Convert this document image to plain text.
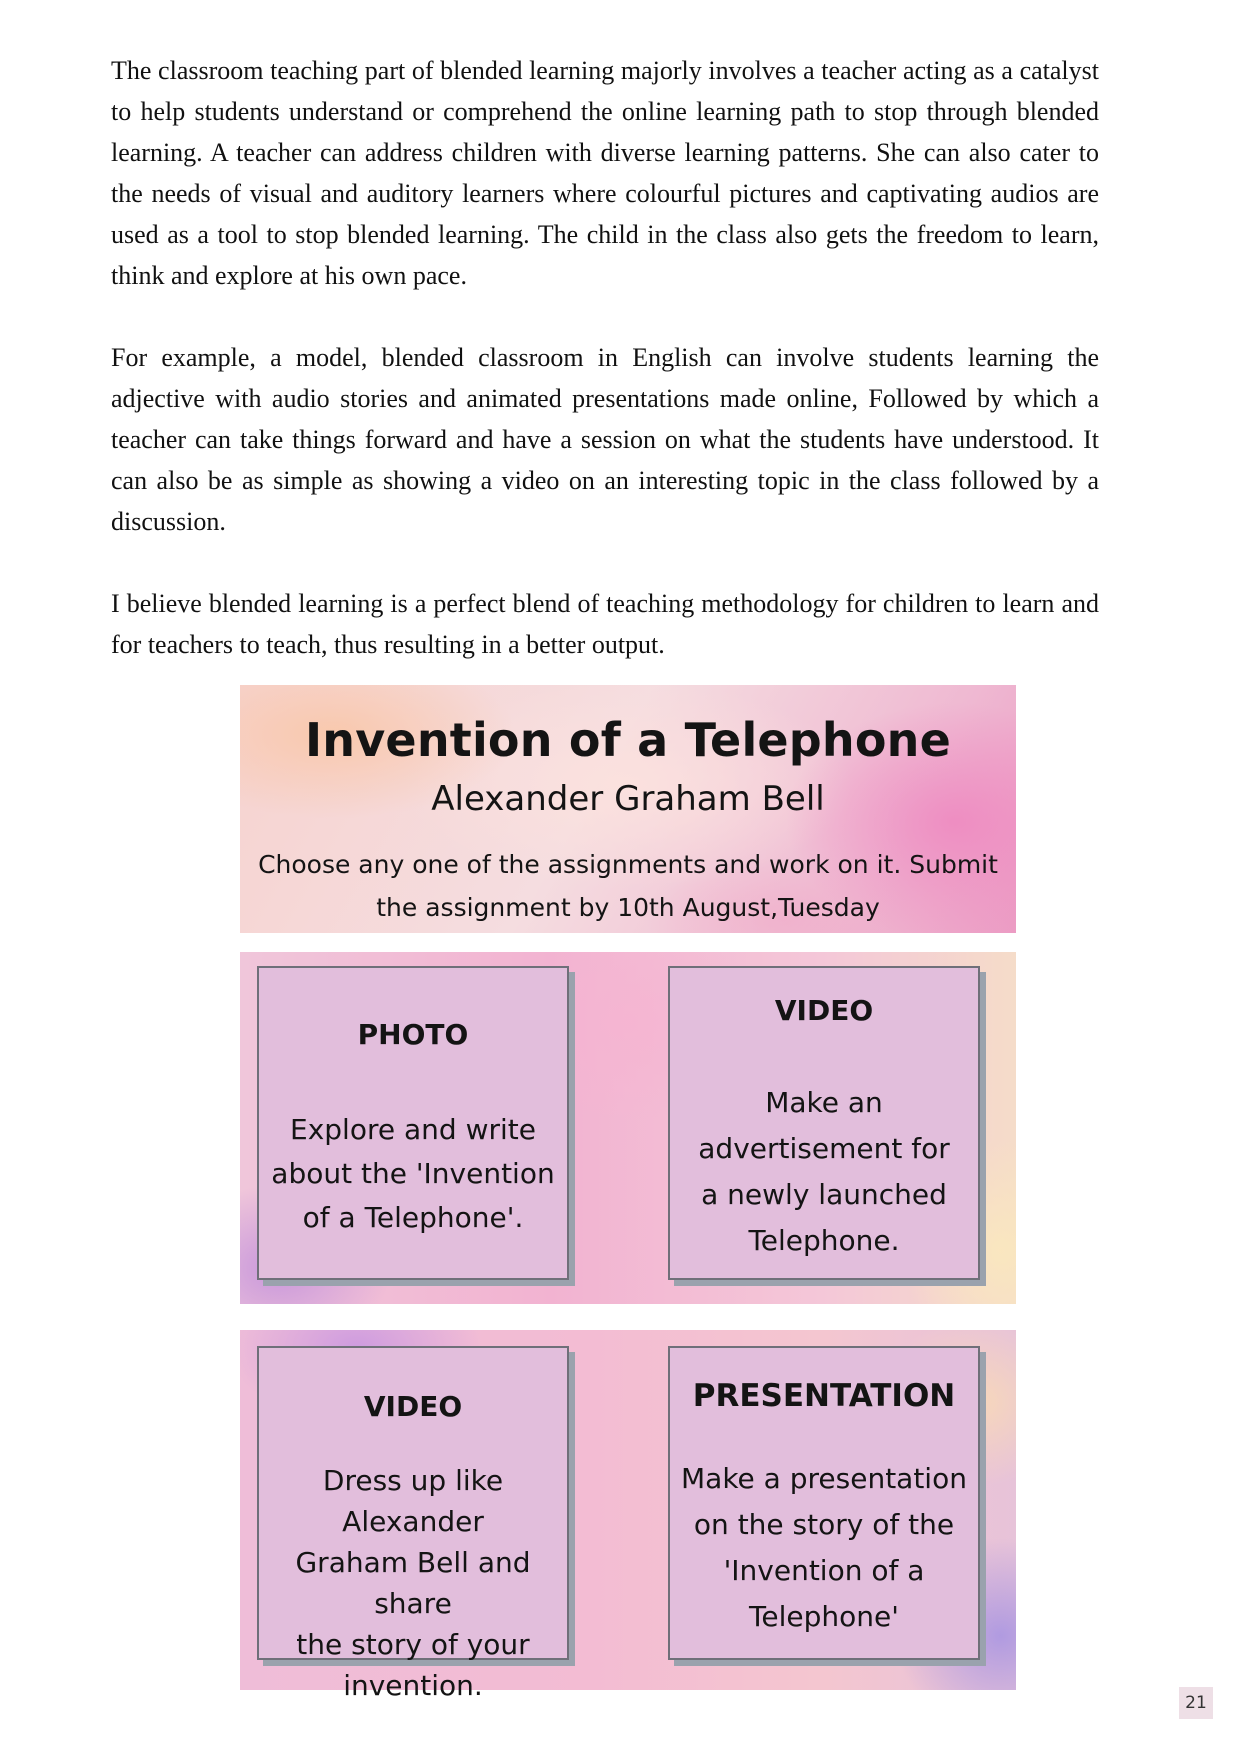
The classroom teaching part of blended learning majorly involves a teacher acting as a catalyst to help students understand or comprehend the online learning path to stop through blended learning. A teacher can address children with diverse learning patterns. She can also cater to the needs of visual and auditory learners where colourful pictures and captivating audios are used as a tool to stop blended learning. The child in the class also gets the freedom to learn, think and explore at his own pace.

For example, a model, blended classroom in English can involve students learning the adjective with audio stories and animated presentations made online, Followed by which a teacher can take things forward and have a session on what the students have understood. It can also be as simple as showing a video on an interesting topic in the class followed by a discussion.

I believe blended learning is a perfect blend of teaching methodology for children to learn and for teachers to teach, thus resulting in a better output.

Invention of a Telephone
Alexander Graham Bell
Choose any one of the assignments and work on it. Submit
the assignment by 10th August,Tuesday
PHOTO
Explore and write
about the 'Invention
of a Telephone'.
VIDEO
Make an
advertisement for
a newly launched
Telephone.
VIDEO
Dress up like Alexander
Graham Bell and share
the story of your
invention.
PRESENTATION
Make a presentation
on the story of the
'Invention of a
Telephone'
21
